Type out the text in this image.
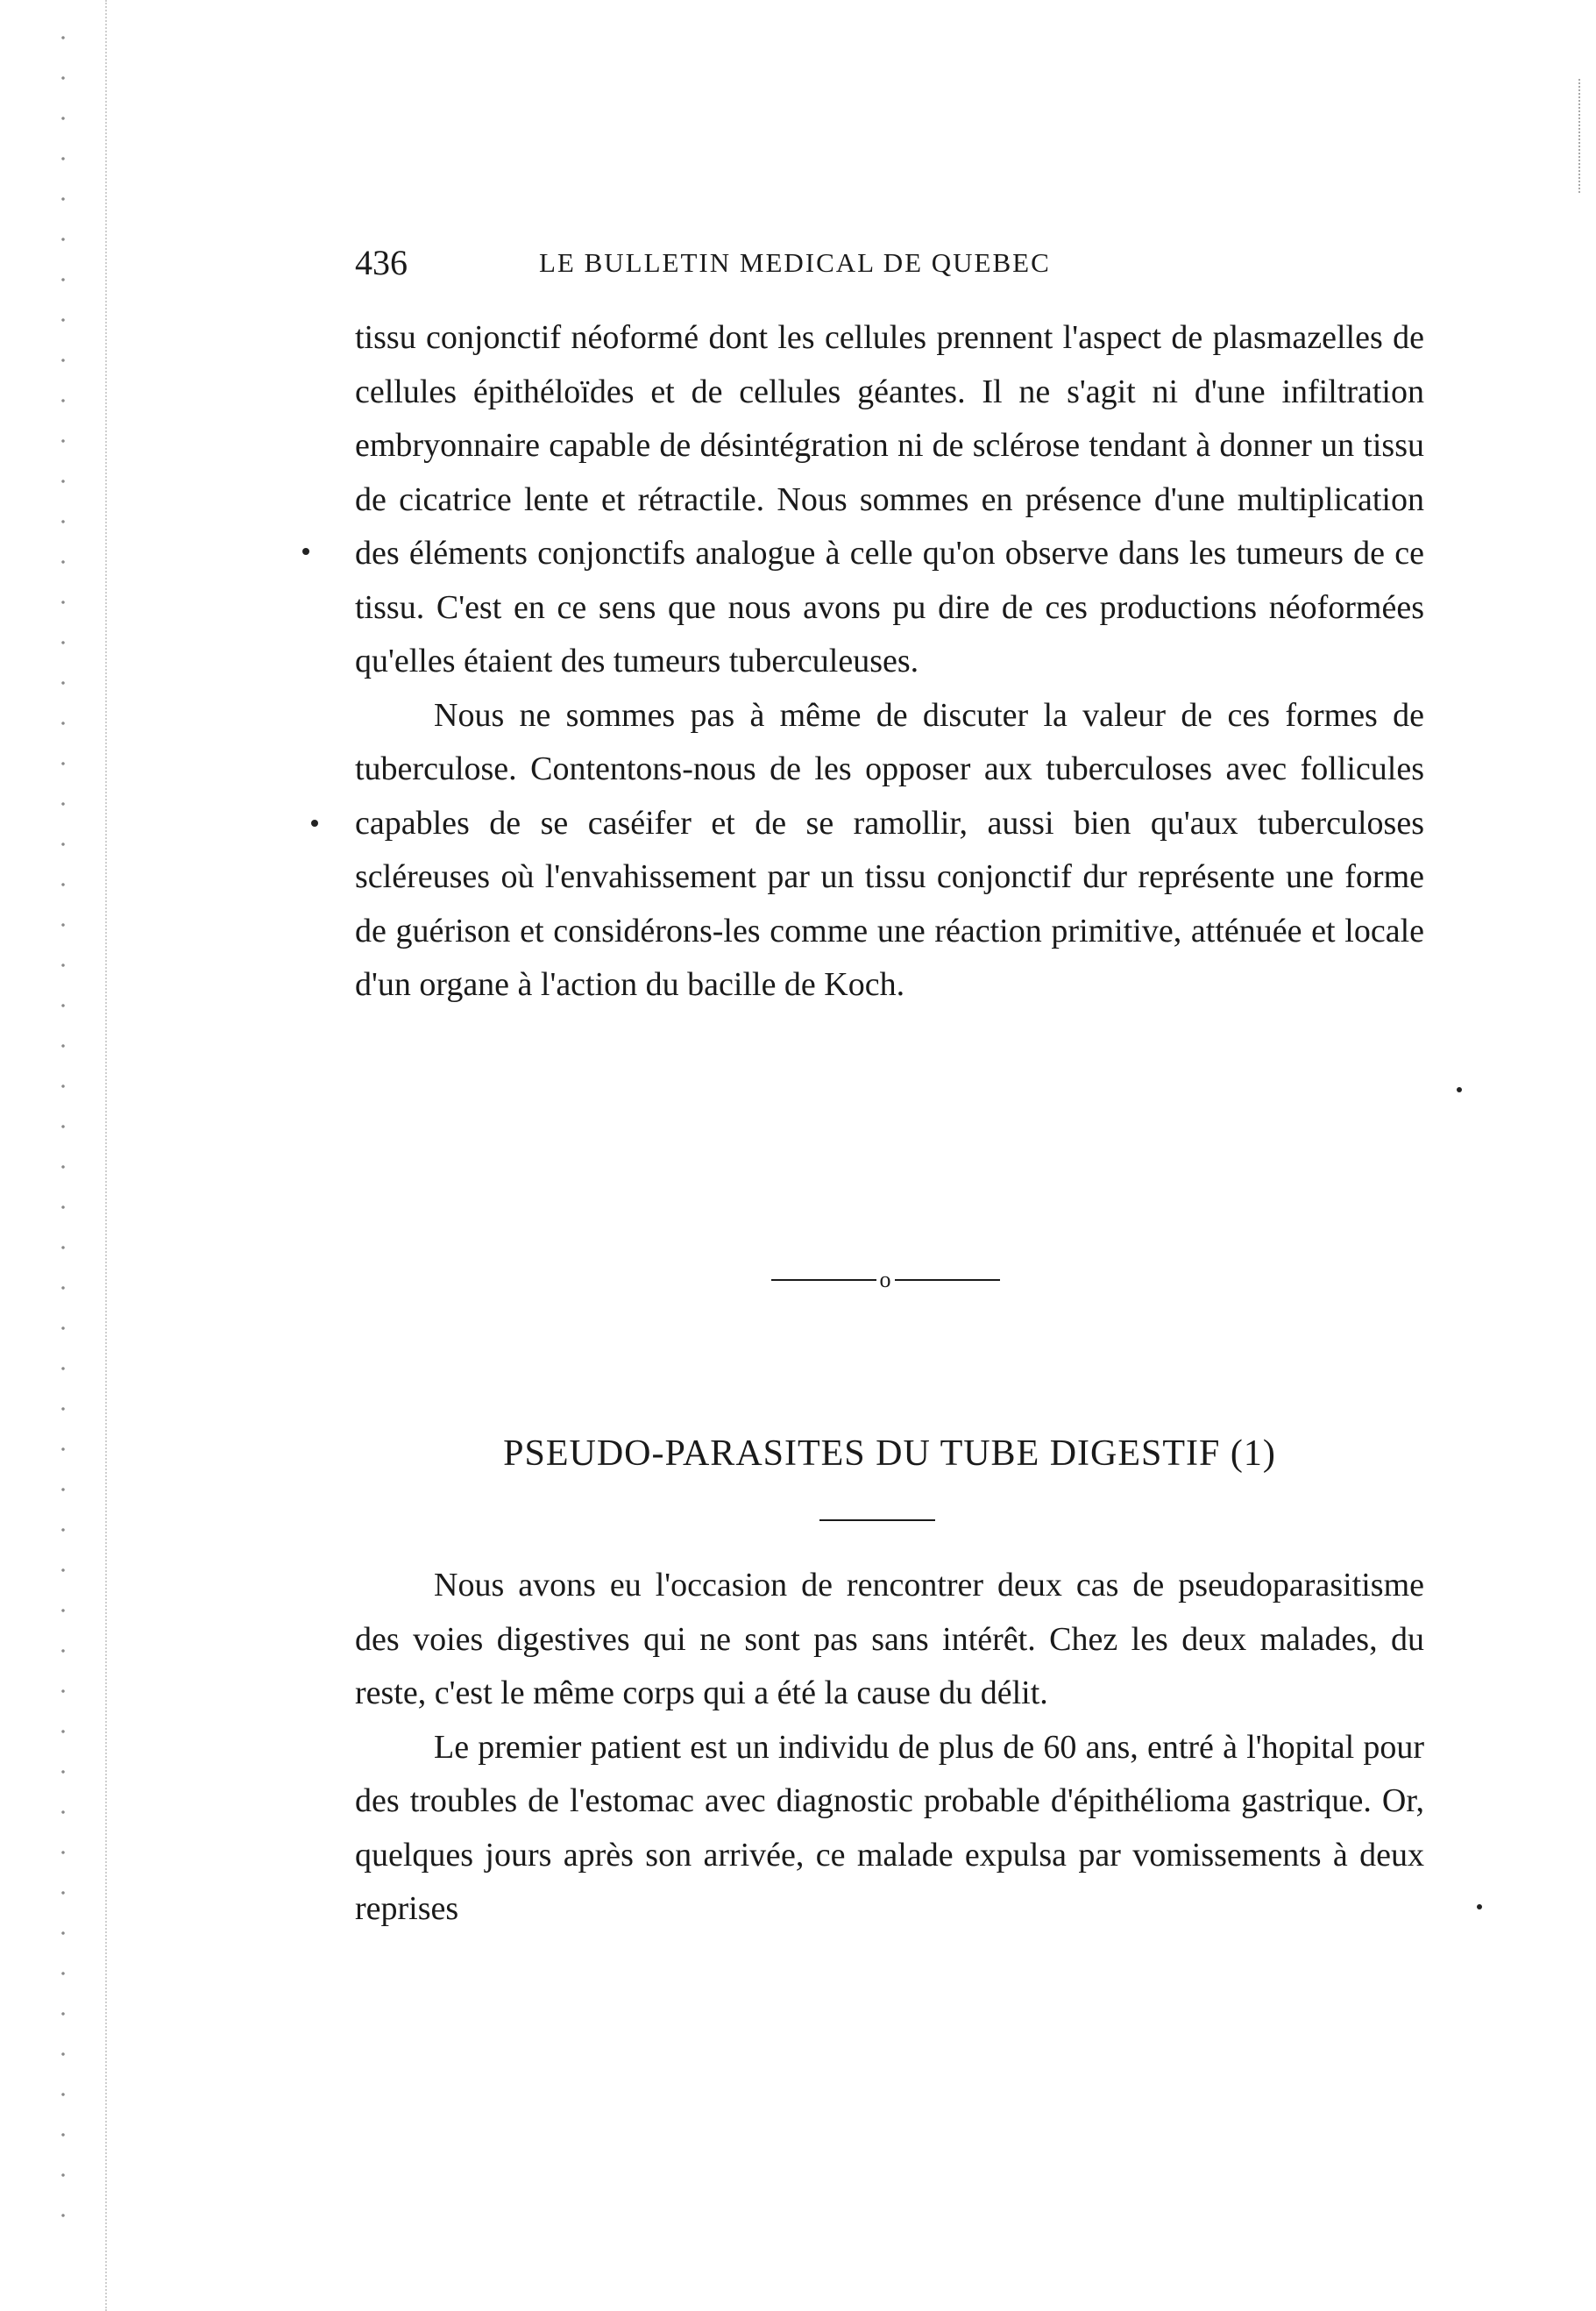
436	LE BULLETIN MEDICAL DE QUEBEC

tissu conjonctif néoformé dont les cellules prennent l'aspect de plasmazelles de cellules épithéloïdes et de cellules géantes. Il ne s'agit ni d'une infiltration embryonnaire capable de désintégration ni de sclérose tendant à donner un tissu de cicatrice lente et rétractile. Nous sommes en présence d'une multiplication des éléments conjonctifs analogue à celle qu'on observe dans les tumeurs de ce tissu. C'est en ce sens que nous avons pu dire de ces productions néoformées qu'elles étaient des tumeurs tuberculeuses.

Nous ne sommes pas à même de discuter la valeur de ces formes de tuberculose. Contentons-nous de les opposer aux tuberculoses avec follicules capables de se caséifer et de se ramollir, aussi bien qu'aux tuberculoses scléreuses où l'envahissement par un tissu conjonctif dur représente une forme de guérison et considérons-les comme une réaction primitive, atténuée et locale d'un organe à l'action du bacille de Koch.

o
PSEUDO-PARASITES DU TUBE DIGESTIF (1)

Nous avons eu l'occasion de rencontrer deux cas de pseudoparasitisme des voies digestives qui ne sont pas sans intérêt. Chez les deux malades, du reste, c'est le même corps qui a été la cause du délit.

Le premier patient est un individu de plus de 60 ans, entré à l'hopital pour des troubles de l'estomac avec diagnostic probable d'épithélioma gastrique. Or, quelques jours après son arrivée, ce malade expulsa par vomissements à deux reprises
